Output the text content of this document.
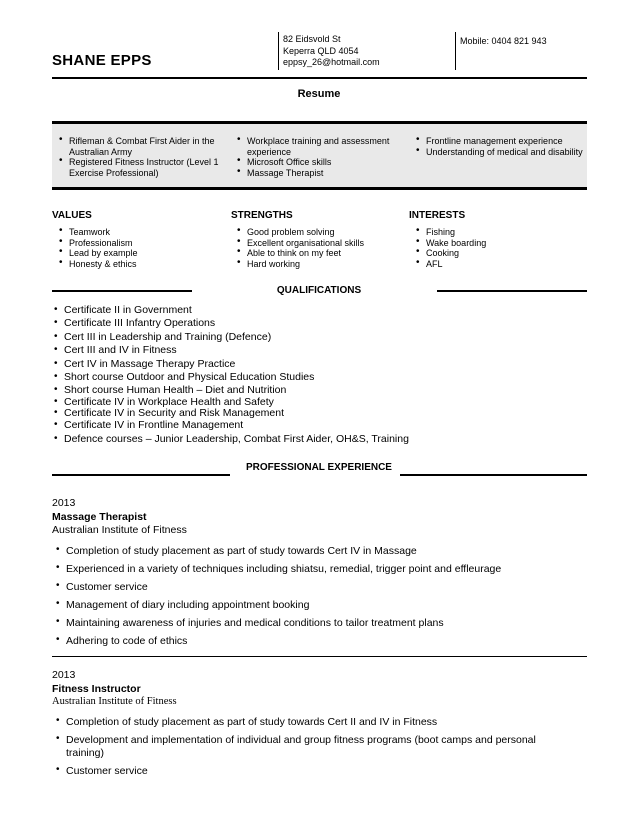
SHANE EPPS
82 Eidsvold St
Keperra QLD 4054
eppsy_26@hotmail.com
Mobile: 0404 821 943
Resume
• Rifleman & Combat First Aider in the Australian Army
• Registered Fitness Instructor (Level 1 Exercise Professional)
• Workplace training and assessment experience
• Microsoft Office skills
• Massage Therapist
• Frontline management experience
• Understanding of medical and disability
VALUES
• Teamwork
• Professionalism
• Lead by example
• Honesty & ethics
STRENGTHS
• Good problem solving
• Excellent organisational skills
• Able to think on my feet
• Hard working
INTERESTS
• Fishing
• Wake boarding
• Cooking
• AFL
QUALIFICATIONS
• Certificate II in Government
• Certificate III Infantry Operations
• Cert III in Leadership and Training (Defence)
• Cert III and IV in Fitness
• Cert IV in Massage Therapy Practice
• Short course Outdoor and Physical Education Studies
• Short course Human Health – Diet and Nutrition
• Certificate IV in Workplace Health and Safety
• Certificate IV in Security and Risk Management
• Certificate IV in Frontline Management
• Defence courses – Junior Leadership, Combat First Aider, OH&S, Training
PROFESSIONAL EXPERIENCE
2013
Massage Therapist
Australian Institute of Fitness
• Completion of study placement as part of study towards Cert IV in Massage
• Experienced in a variety of techniques including shiatsu, remedial, trigger point and effleurage
• Customer service
• Management of diary including appointment booking
• Maintaining awareness of injuries and medical conditions to tailor treatment plans
• Adhering to code of ethics
2013
Fitness Instructor
Australian Institute of Fitness
• Completion of study placement as part of study towards Cert II and IV in Fitness
• Development and implementation of individual and group fitness programs (boot camps and personal training)
• Customer service
